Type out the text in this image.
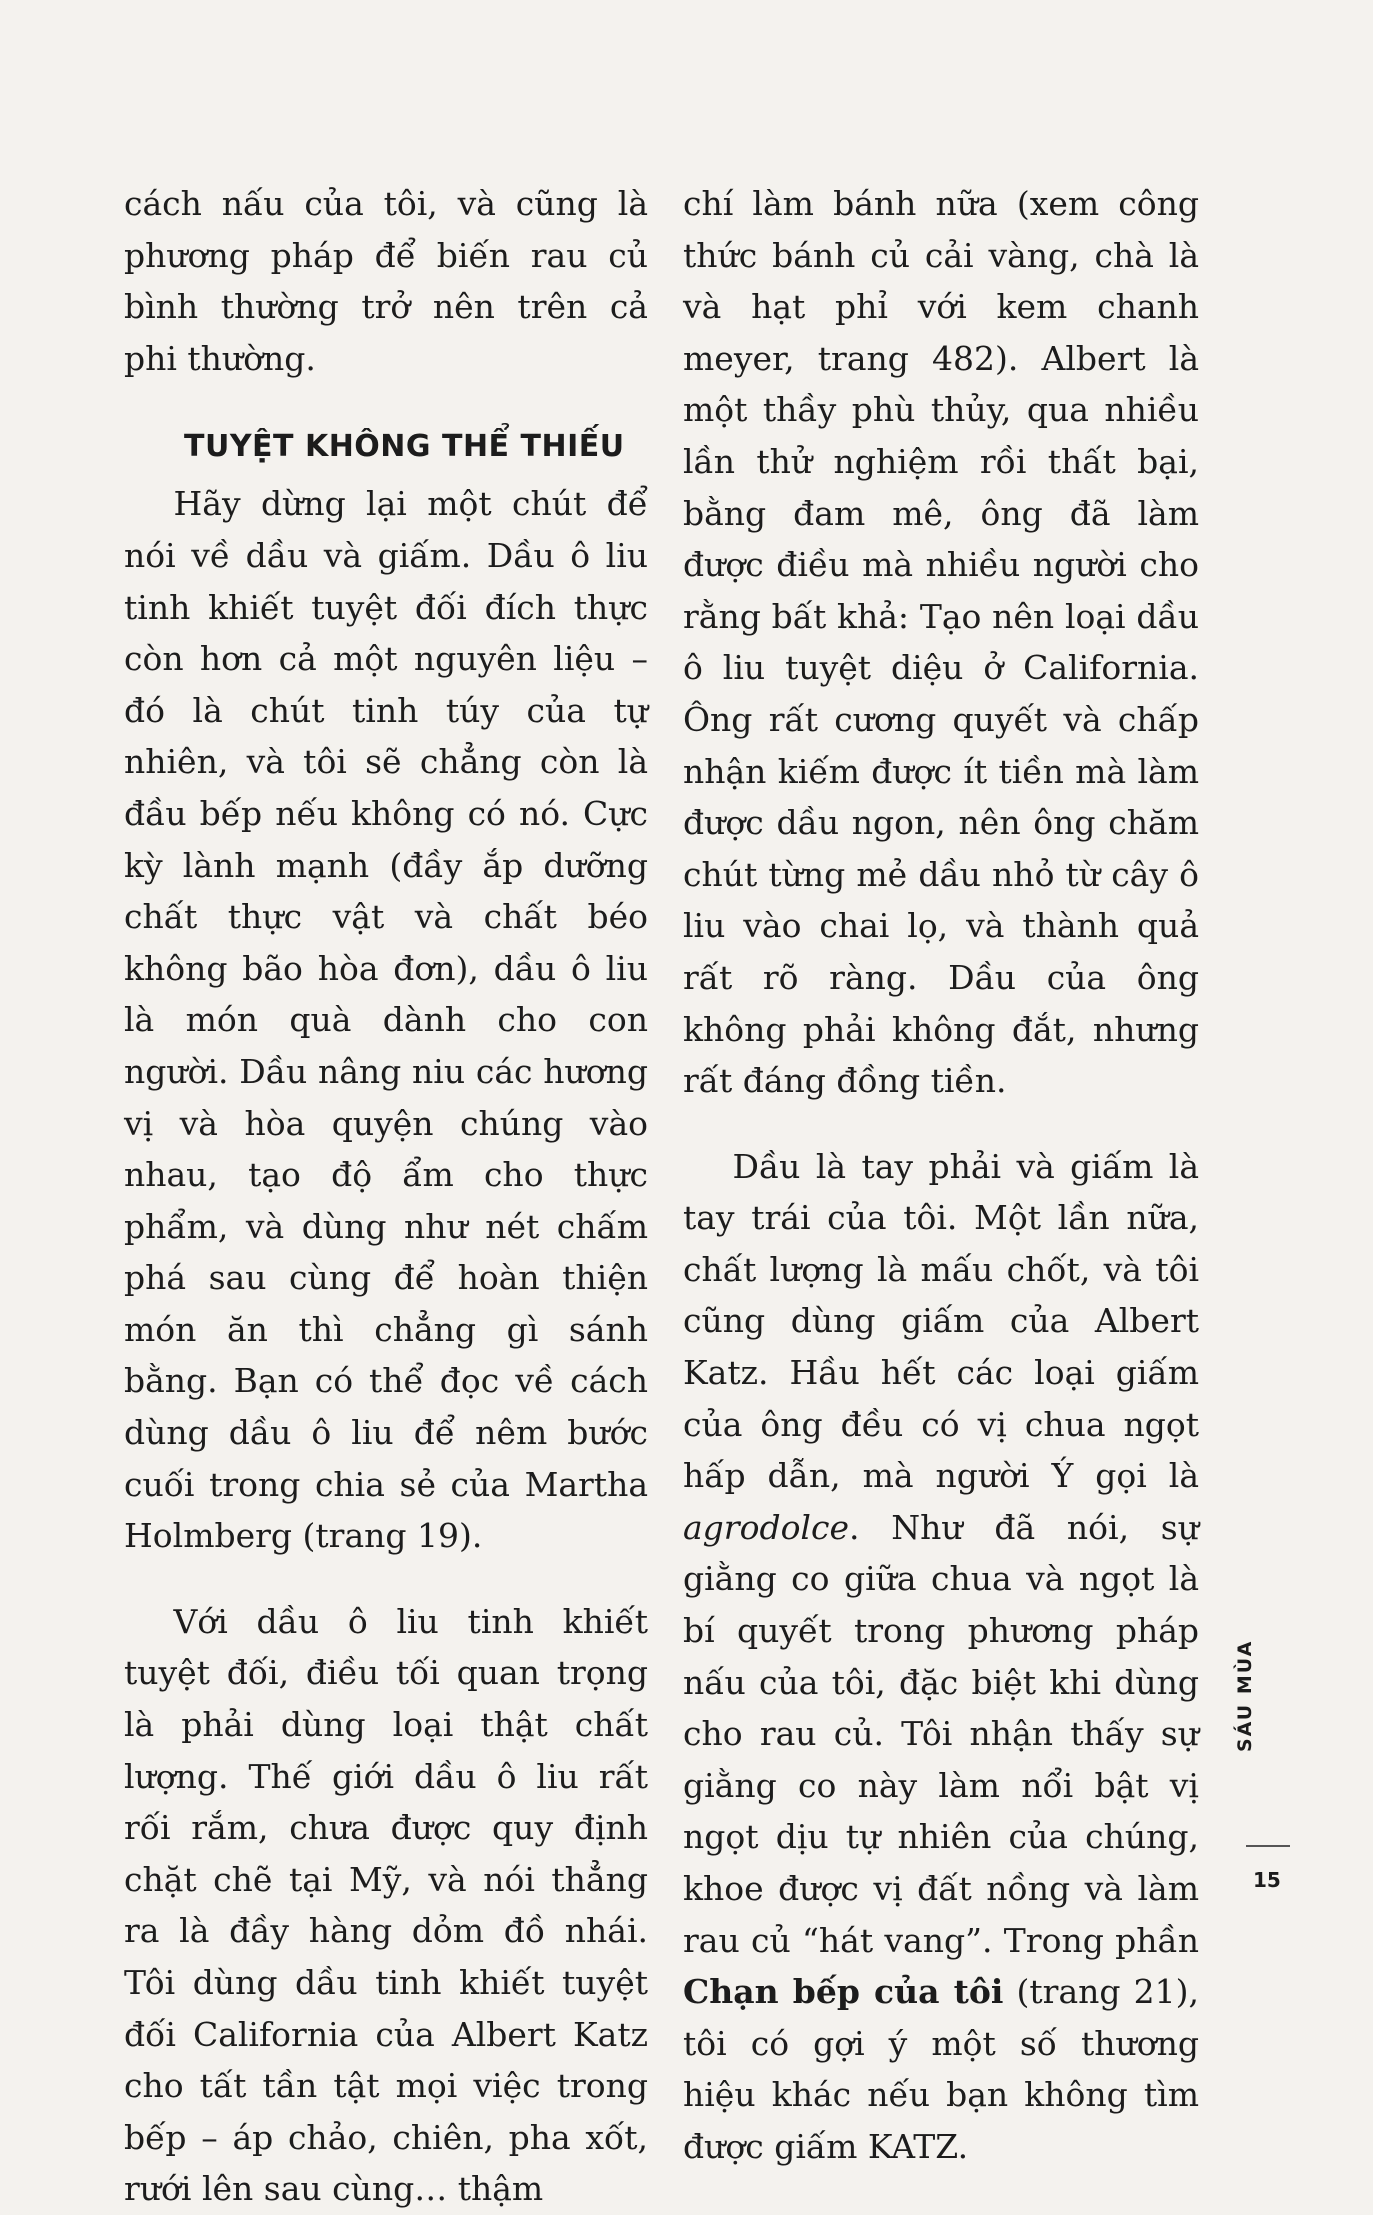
cách nấu của tôi, và cũng là phương pháp để biến rau củ bình thường trở nên trên cả phi thường.

TUYỆT KHÔNG THỂ THIẾU

Hãy dừng lại một chút để nói về dầu và giấm. Dầu ô liu tinh khiết tuyệt đối đích thực còn hơn cả một nguyên liệu – đó là chút tinh túy của tự nhiên, và tôi sẽ chẳng còn là đầu bếp nếu không có nó. Cực kỳ lành mạnh (đầy ắp dưỡng chất thực vật và chất béo không bão hòa đơn), dầu ô liu là món quà dành cho con người. Dầu nâng niu các hương vị và hòa quyện chúng vào nhau, tạo độ ẩm cho thực phẩm, và dùng như nét chấm phá sau cùng để hoàn thiện món ăn thì chẳng gì sánh bằng. Bạn có thể đọc về cách dùng dầu ô liu để nêm bước cuối trong chia sẻ của Martha Holmberg (trang 19).

Với dầu ô liu tinh khiết tuyệt đối, điều tối quan trọng là phải dùng loại thật chất lượng. Thế giới dầu ô liu rất rối rắm, chưa được quy định chặt chẽ tại Mỹ, và nói thẳng ra là đầy hàng dỏm đồ nhái. Tôi dùng dầu tinh khiết tuyệt đối California của Albert Katz cho tất tần tật mọi việc trong bếp – áp chảo, chiên, pha xốt, rưới lên sau cùng… thậm

chí làm bánh nữa (xem công thức bánh củ cải vàng, chà là và hạt phỉ với kem chanh meyer, trang 482). Albert là một thầy phù thủy, qua nhiều lần thử nghiệm rồi thất bại, bằng đam mê, ông đã làm được điều mà nhiều người cho rằng bất khả: Tạo nên loại dầu ô liu tuyệt diệu ở California. Ông rất cương quyết và chấp nhận kiếm được ít tiền mà làm được dầu ngon, nên ông chăm chút từng mẻ dầu nhỏ từ cây ô liu vào chai lọ, và thành quả rất rõ ràng. Dầu của ông không phải không đắt, nhưng rất đáng đồng tiền.

Dầu là tay phải và giấm là tay trái của tôi. Một lần nữa, chất lượng là mấu chốt, và tôi cũng dùng giấm của Albert Katz. Hầu hết các loại giấm của ông đều có vị chua ngọt hấp dẫn, mà người Ý gọi là agrodolce. Như đã nói, sự giằng co giữa chua và ngọt là bí quyết trong phương pháp nấu của tôi, đặc biệt khi dùng cho rau củ. Tôi nhận thấy sự giằng co này làm nổi bật vị ngọt dịu tự nhiên của chúng, khoe được vị đất nồng và làm rau củ “hát vang”. Trong phần Chạn bếp của tôi (trang 21), tôi có gợi ý một số thương hiệu khác nếu bạn không tìm được giấm KATZ.

SÁU MÙA
15
